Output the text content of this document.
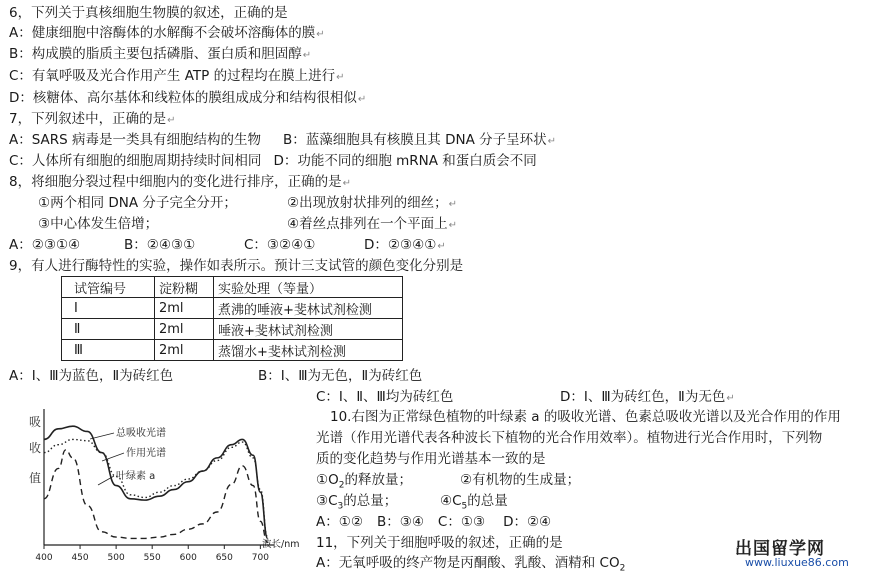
6，下列关于真核细胞生物膜的叙述，正确的是
A：健康细胞中溶酶体的水解酶不会破坏溶酶体的膜↵
B：构成膜的脂质主要包括磷脂、蛋白质和胆固醇↵
C：有氧呼吸及光合作用产生 ATP 的过程均在膜上进行↵
D：核糖体、高尔基体和线粒体的膜组成成分和结构很相似↵
7，下列叙述中，正确的是↵
A：SARS 病毒是一类具有细胞结构的生物 B：蓝藻细胞具有核膜且其 DNA 分子呈环状↵
C：人体所有细胞的细胞周期持续时间相同 D：功能不同的细胞 mRNA 和蛋白质会不同
8，将细胞分裂过程中细胞内的变化进行排序，正确的是↵
①两个相同 DNA 分子完全分开；	②出现放射状排列的细丝；↵
③中心体发生倍增；	④着丝点排列在一个平面上↵
A：②③①④	B：②④③①	C：③②④①	D：②③④①↵
9，有人进行酶特性的实验，操作如表所示。预计三支试管的颜色变化分别是
试管编号	淀粉糊	实验处理（等量）
Ⅰ	2ml	煮沸的唾液+斐林试剂检测
Ⅱ	2ml	唾液+斐林试剂检测
Ⅲ	2ml	蒸馏水+斐林试剂检测
A：Ⅰ、Ⅲ为蓝色，Ⅱ为砖红色	B：Ⅰ、Ⅲ为无色，Ⅱ为砖红色
C：Ⅰ、Ⅱ、Ⅲ均为砖红色	D：Ⅰ、Ⅲ为砖红色，Ⅱ为无色↵
10.右图为正常绿色植物的叶绿素 a 的吸收光谱、色素总吸收光谱以及光合作用的作用
光谱（作用光谱代表各种波长下植物的光合作用效率）。植物进行光合作用时，下列物
质的变化趋势与作用光谱基本一致的是
$①O_2$的释放量；	②有机物的生成量；
$③C_3$的总量；	$④C_5$的总量
A：①② B：③④ C：①③ D：②④
11，下列关于细胞呼吸的叙述，正确的是
A：无氧呼吸的终产物是丙酮酸、乳酸、酒精和 $CO_2$
吸
收
值
400 450 500 550 600 650 700
波长/nm
总吸收光谱
作用光谱
叶绿素 a
出国留学网
www.liuxue86.com
